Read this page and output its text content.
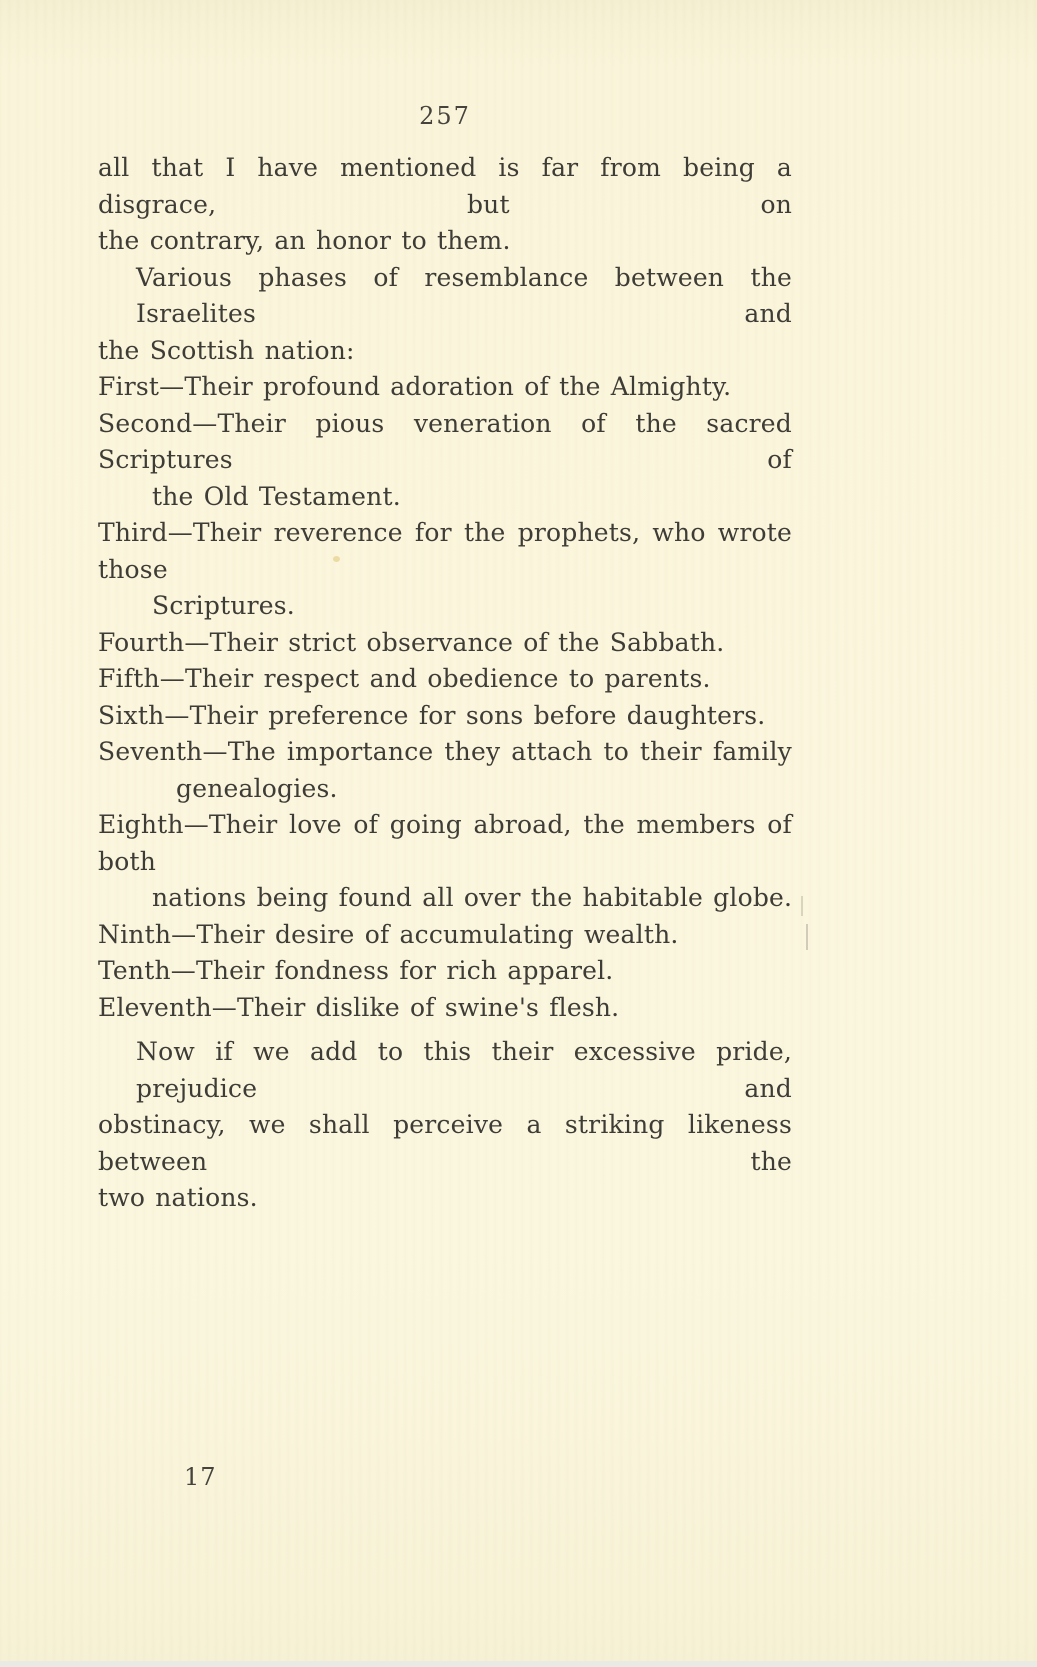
257
all that I have mentioned is far from being a disgrace, but on
the contrary, an honor to them.
Various phases of resemblance between the Israelites and
the Scottish nation:
First—Their profound adoration of the Almighty.
Second—Their pious veneration of the sacred Scriptures of
the Old Testament.
Third—Their reverence for the prophets, who wrote those
Scriptures.
Fourth—Their strict observance of the Sabbath.
Fifth—Their respect and obedience to parents.
Sixth—Their preference for sons before daughters.
Seventh—The importance they attach to their family
genealogies.
Eighth—Their love of going abroad, the members of both
nations being found all over the habitable globe.
Ninth—Their desire of accumulating wealth.
Tenth—Their fondness for rich apparel.
Eleventh—Their dislike of swine's flesh.
Now if we add to this their excessive pride, prejudice and
obstinacy, we shall perceive a striking likeness between the
two nations.
17
